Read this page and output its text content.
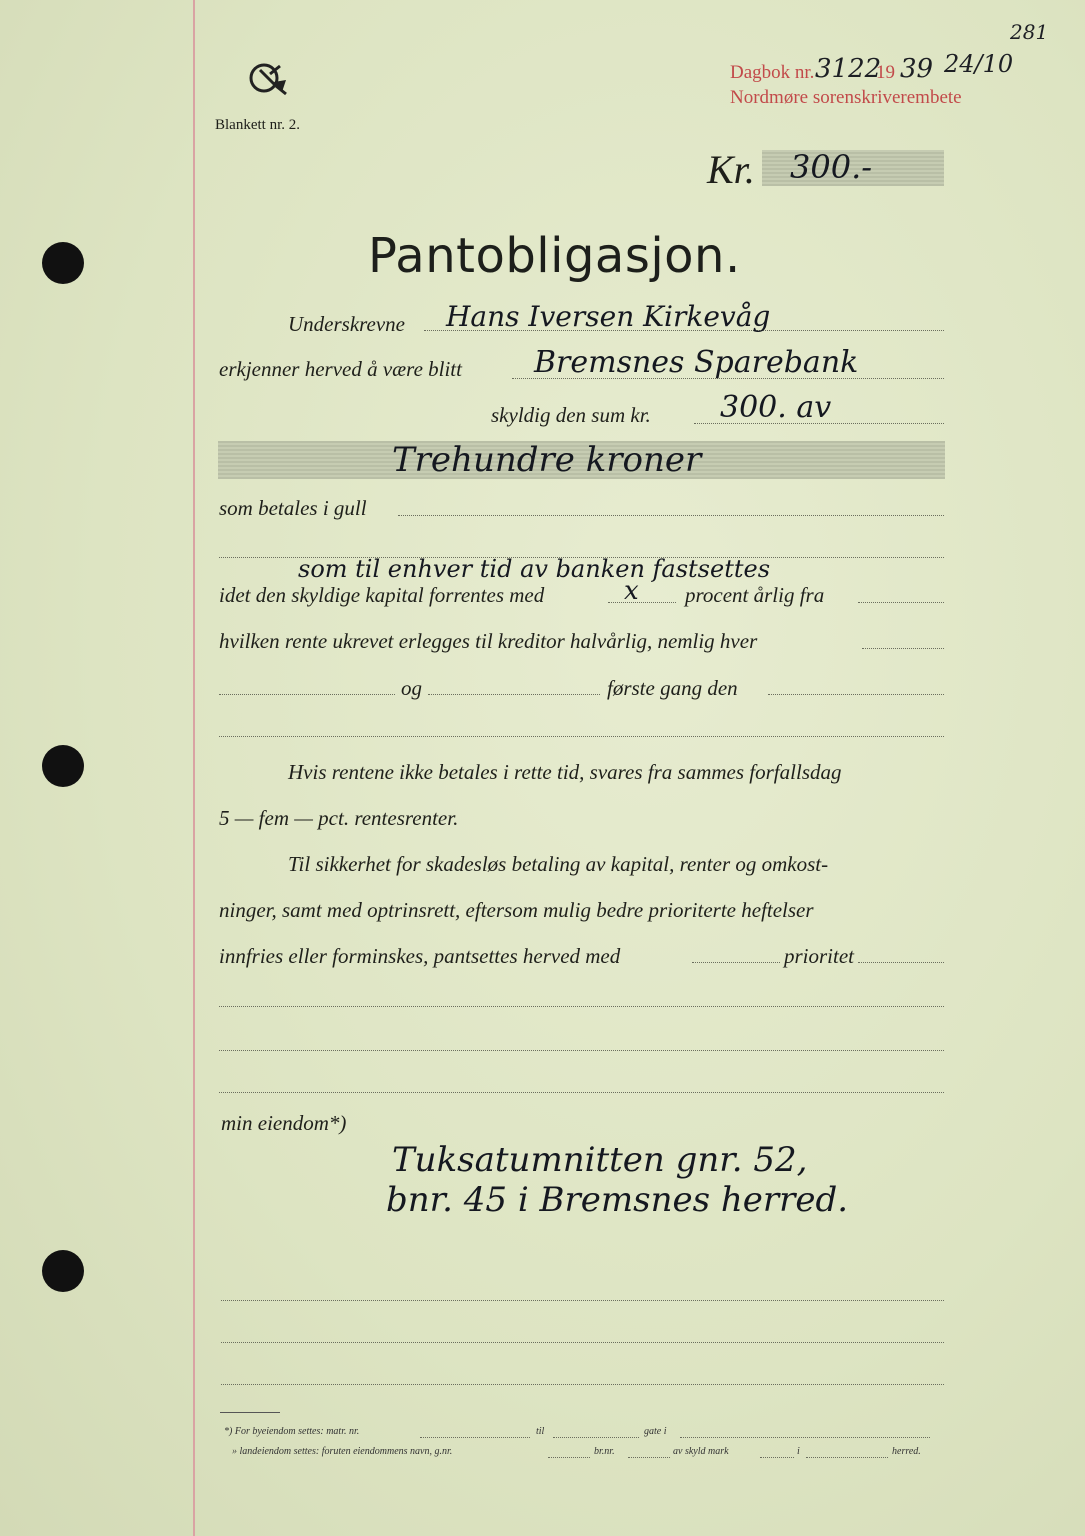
281
Dagbok nr. 3122
19 39 24/10
Nordmøre sorenskriverembete
Blankett nr. 2.
Kr. 300.-
Pantobligasjon.
Underskrevne Hans Iversen Kirkevåg
erkjenner herved å være blitt Bremsnes Sparebank
skyldig den sum kr. 300. av
Trehundre kroner
som betales i gull
som til enhver tid av banken fastsettes
idet den skyldige kapital forrentes med	x procent årlig fra
hvilken rente ukrevet erlegges til kreditor halvårlig, nemlig hver
og	første gang den
Hvis rentene ikke betales i rette tid, svares fra sammes forfallsdag
5 — fem — pct. rentesrenter.
Til sikkerhet for skadesløs betaling av kapital, renter og omkost-
ninger, samt med optrinsrett, eftersom mulig bedre prioriterte heftelser
innfries eller forminskes, pantsettes herved med	prioritet
min eiendom*)
Tuksatumnitten gnr. 52,
bnr. 45 i Bremsnes herred.
*) For byeiendom settes: matr. nr.	til	gate i
» landeiendom settes: foruten eiendommens navn, g.nr.	br.nr.	av skyld mark	i	herred.
